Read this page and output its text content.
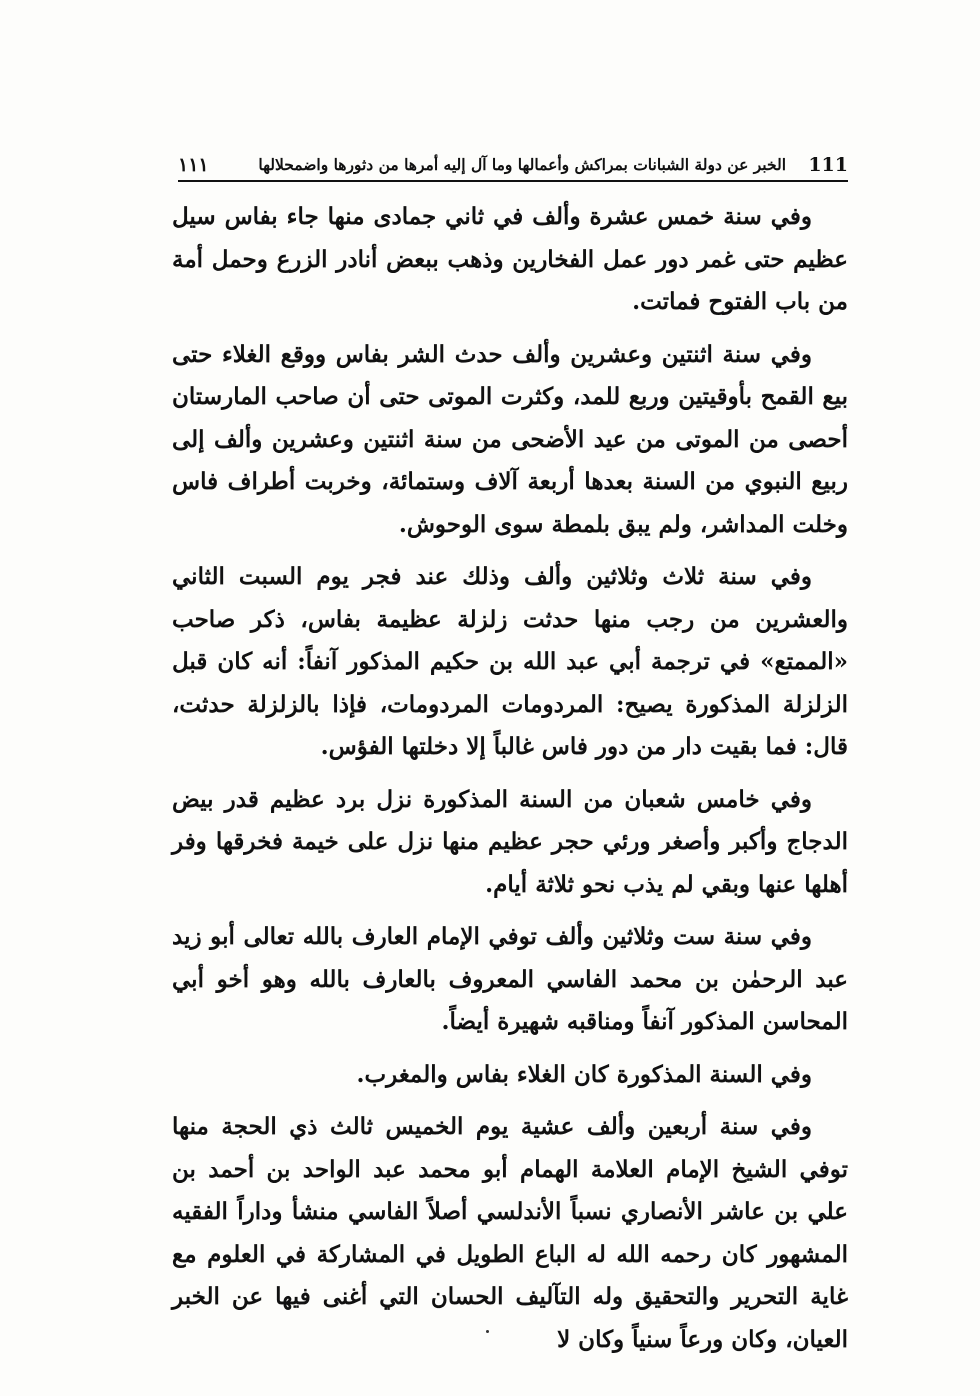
111
الخبر عن دولة الشبانات بمراكش وأعمالها وما آل إليه أمرها من دثورها واضمحلالها
١١١

وفي سنة خمس عشرة وألف في ثاني جمادى منها جاء بفاس سيل عظيم حتى غمر دور عمل الفخارين وذهب ببعض أنادر الزرع وحمل أمة من باب الفتوح فماتت.

وفي سنة اثنتين وعشرين وألف حدث الشر بفاس ووقع الغلاء حتى بيع القمح بأوقيتين وربع للمد، وكثرت الموتى حتى أن صاحب المارستان أحصى من الموتى من عيد الأضحى من سنة اثنتين وعشرين وألف إلى ربيع النبوي من السنة بعدها أربعة آلاف وستمائة، وخربت أطراف فاس وخلت المداشر، ولم يبق بلمطة سوى الوحوش.

وفي سنة ثلاث وثلاثين وألف وذلك عند فجر يوم السبت الثاني والعشرين من رجب منها حدثت زلزلة عظيمة بفاس، ذكر صاحب «الممتع» في ترجمة أبي عبد الله بن حكيم المذكور آنفاً: أنه كان قبل الزلزلة المذكورة يصيح: المردومات المردومات، فإذا بالزلزلة حدثت، قال: فما بقيت دار من دور فاس غالباً إلا دخلتها الفؤس.

وفي خامس شعبان من السنة المذكورة نزل برد عظيم قدر بيض الدجاج وأكبر وأصغر ورئي حجر عظيم منها نزل على خيمة فخرقها وفر أهلها عنها وبقي لم يذب نحو ثلاثة أيام.

وفي سنة ست وثلاثين وألف توفي الإمام العارف بالله تعالى أبو زيد عبد الرحمٰن بن محمد الفاسي المعروف بالعارف بالله وهو أخو أبي المحاسن المذكور آنفاً ومناقبه شهيرة أيضاً.

وفي السنة المذكورة كان الغلاء بفاس والمغرب.

وفي سنة أربعين وألف عشية يوم الخميس ثالث ذي الحجة منها توفي الشيخ الإمام العلامة الهمام أبو محمد عبد الواحد بن أحمد بن علي بن عاشر الأنصاري نسباً الأندلسي أصلاً الفاسي منشأ وداراً الفقيه المشهور كان رحمه الله له الباع الطويل في المشاركة في العلوم مع غاية التحرير والتحقيق وله التآليف الحسان التي أغنى فيها عن الخبر العيان، وكان ورعاً سنياً وكان لا
